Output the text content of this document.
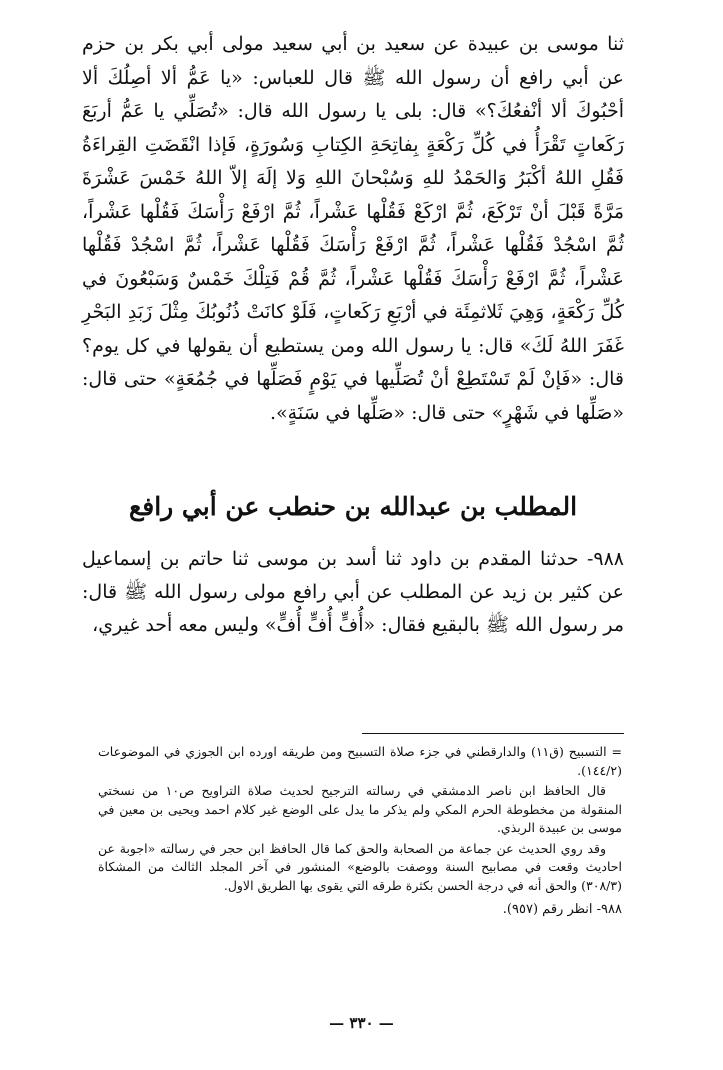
ثنا موسى بن عبيدة عن سعيد بن أبي سعيد مولى أبي بكر بن حزم عن أبي رافع أن رسول الله ﷺ قال للعباس: «يا عَمُّ ألا أصِلُكَ ألا أحْبُوكَ ألا أنْفعُكَ؟» قال: بلى يا رسول الله قال: «تُصَلِّي يا عَمُّ أربَعَ رَكَعاتٍ تَقْرَأُ في كُلِّ رَكْعَةٍ بِفاتِحَةِ الكِتابِ وَسُورَةٍ، فَإذا انْقَضَتِ القِراءَةُ فَقُلِ اللهُ أكْبَرُ وَالحَمْدُ للهِ وَسُبْحانَ اللهِ وَلا إلَهَ إلاّ اللهُ خَمْسَ عَشْرَةَ مَرَّةً قَبْلَ أنْ تَرْكَعَ، ثُمَّ ارْكَعْ فَقُلْها عَشْراً، ثُمَّ ارْفَعْ رَأْسَكَ فَقُلْها عَشْراً، ثُمَّ اسْجُدْ فَقُلْها عَشْراً، ثُمَّ ارْفَعْ رَأْسَكَ فَقُلْها عَشْراً، ثُمَّ اسْجُدْ فَقُلْها عَشْراً، ثُمَّ ارْفَعْ رَأْسَكَ فَقُلْها عَشْراً، ثُمَّ قُمْ فَتِلْكَ خَمْسٌ وَسَبْعُونَ في كُلِّ رَكْعَةٍ، وَهِيَ ثَلاثمِئَة في أرْبَعِ رَكَعاتٍ، فَلَوْ كانَتْ ذُنُوبُكَ مِثْلَ زَبَدِ البَحْرِ غَفَرَ اللهُ لَكَ» قال: يا رسول الله ومن يستطيع أن يقولها في كل يوم؟ قال: «فَإنْ لَمْ تَسْتَطِعْ أنْ تُصَلِّيها في يَوْمٍ فَصَلِّها في جُمُعَةٍ» حتى قال: «صَلِّها في شَهْرٍ» حتى قال: «صَلِّها في سَنَةٍ».

المطلب بن عبدالله بن حنطب عن أبي رافع

٩٨٨- حدثنا المقدم بن داود ثنا أسد بن موسى ثنا حاتم بن إسماعيل عن كثير بن زيد عن المطلب عن أبي رافع مولى رسول الله ﷺ قال: مر رسول الله ﷺ بالبقيع فقال: «أُفٍّ أُفٍّ أُفٍّ» وليس معه أحد غيري،

= التسبيح (ق١١) والدارقطني في جزء صلاة التسبيح ومن طريقه اورده ابن الجوزي في الموضوعات (١٤٤/٢).

قال الحافظ ابن ناصر الدمشقي في رسالته الترجيح لحديث صلاة التراويح ص١٠ من نسختي المنقولة من مخطوطة الحرم المكي ولم يذكر ما يدل على الوضع غير كلام احمد ويحيى بن معين في موسى بن عبيدة الربذي.

وقد روي الحديث عن جماعة من الصحابة والحق كما قال الحافظ ابن حجر في رسالته «اجوبة عن احاديث وقعت في مصابيح السنة ووصفت بالوضع» المنشور في آخر المجلد الثالث من المشكاة (٣٠٨/٣) والحق أنه في درجة الحسن بكثرة طرقه التي يقوى بها الطريق الاول.

٩٨٨- انظر رقم (٩٥٧).

— ٣٣٠ —
